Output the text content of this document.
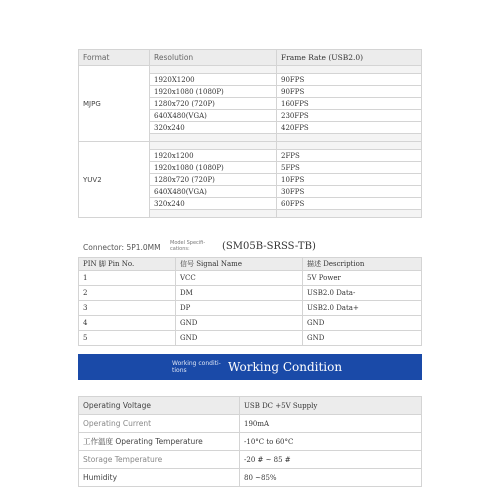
Format	Resolution	Frame Rate (USB2.0)
MJPG		
	1920X1200	90FPS
	1920x1080 (1080P)	90FPS
	1280x720 (720P)	160FPS
	640X480(VGA)	230FPS
	320x240	420FPS

YUV2		
	1920x1200	2FPS
	1920x1080 (1080P)	5FPS
	1280x720 (720P)	10FPS
	640X480(VGA)	30FPS
	320x240	60FPS

Connector: 5P1.0MM Model Specifi- cations:	(SM05B-SRSS-TB)
PIN 脚 Pin No.	信号 Signal Name	描述 Description
1	VCC	5V Power
2	DM	USB2.0 Data-
3	DP	USB2.0 Data+
4	GND	GND
5	GND	GND
Working conditi- tions	Working Condition
Operating Voltage	USB DC +5V Supply
Operating Current	190mA
工作温度 Operating Temperature	-10°C to 60°C
Storage Temperature	-20 # ~ 85 #
Humidity	80 ~85%
